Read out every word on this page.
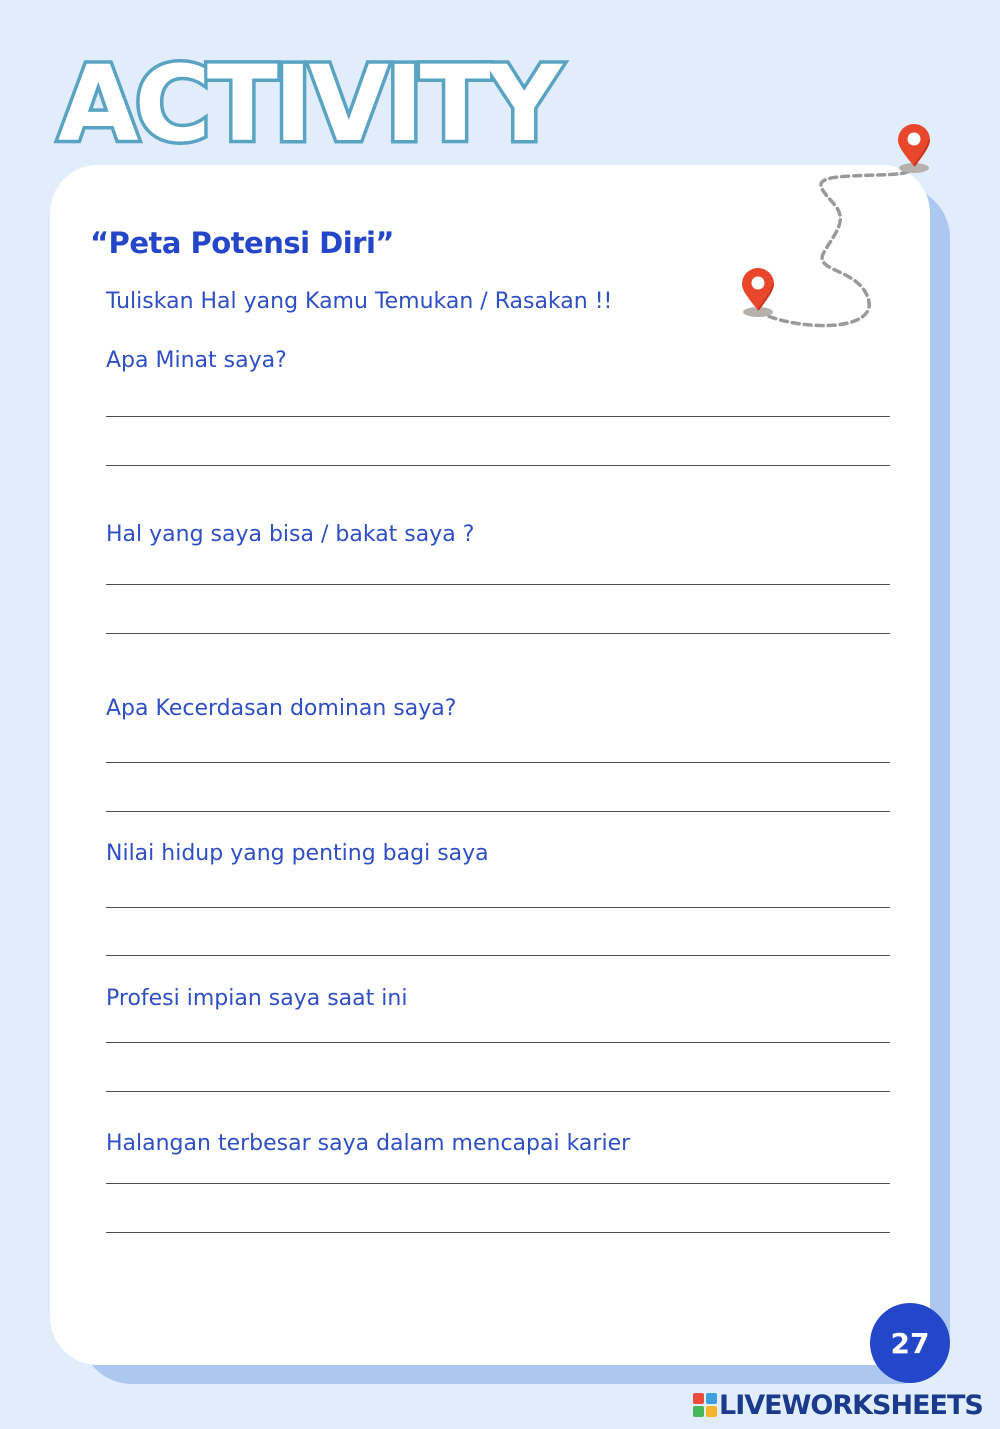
ACTIVITY
“Peta Potensi Diri”
Tuliskan Hal yang Kamu Temukan / Rasakan !!
Apa Minat saya?
Hal yang saya bisa / bakat saya ?
Apa Kecerdasan dominan saya?
Nilai hidup yang penting bagi saya
Profesi impian saya saat ini
Halangan terbesar saya dalam mencapai karier
27
LIVEWORKSHEETS
